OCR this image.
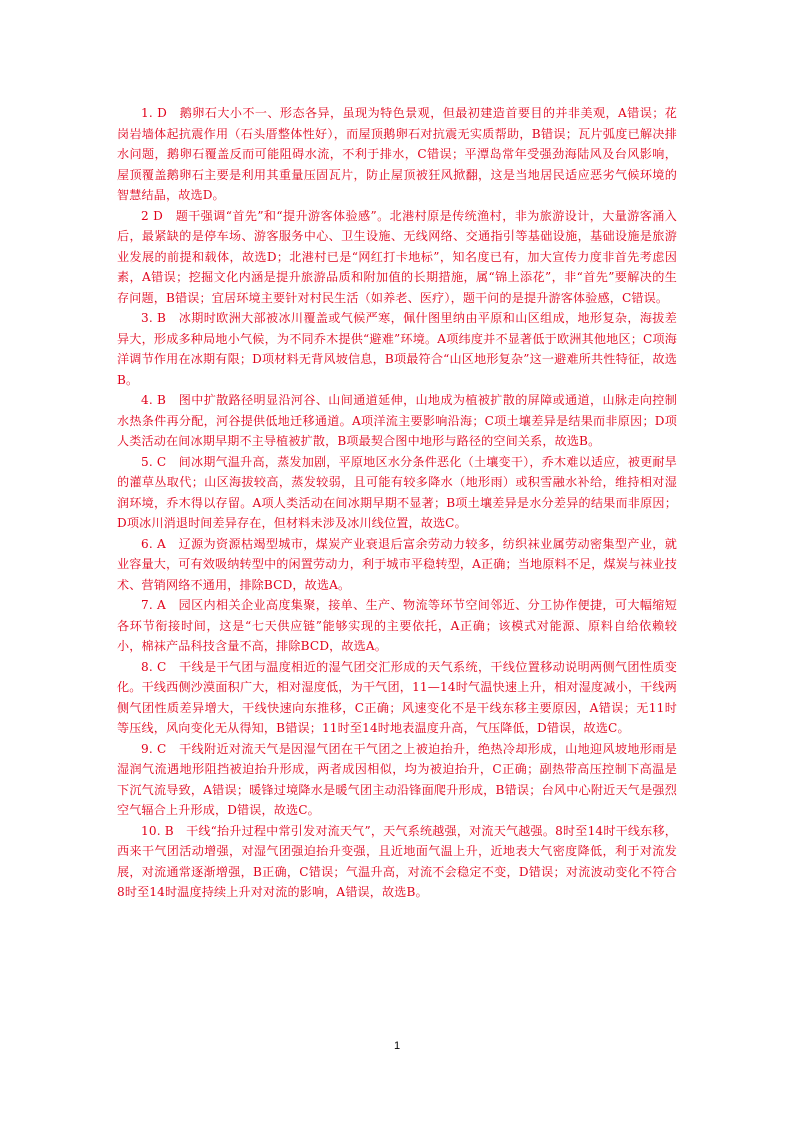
1. D　鹅卵石大小不一、形态各异，虽现为特色景观，但最初建造首要目的并非美观，A错误；花岗岩墙体起抗震作用（石头厝整体性好），而屋顶鹅卵石对抗震无实质帮助，B错误；瓦片弧度已解决排水问题，鹅卵石覆盖反而可能阻碍水流，不利于排水，C错误；平潭岛常年受强劲海陆风及台风影响，屋顶覆盖鹅卵石主要是利用其重量压固瓦片，防止屋顶被狂风掀翻，这是当地居民适应恶劣气候环境的智慧结晶，故选D。

2 D　题干强调“首先”和“提升游客体验感”。北港村原是传统渔村，非为旅游设计，大量游客涌入后，最紧缺的是停车场、游客服务中心、卫生设施、无线网络、交通指引等基础设施，基础设施是旅游业发展的前提和载体，故选D；北港村已是“网红打卡地标”，知名度已有，加大宣传力度非首先考虑因素，A错误；挖掘文化内涵是提升旅游品质和附加值的长期措施，属“锦上添花”，非“首先”要解决的生存问题，B错误；宜居环境主要针对村民生活（如养老、医疗），题干问的是提升游客体验感，C错误。

3. B　冰期时欧洲大部被冰川覆盖或气候严寒，佩什图里纳由平原和山区组成，地形复杂，海拔差异大，形成多种局地小气候，为不同乔木提供“避难”环境。A项纬度并不显著低于欧洲其他地区；C项海洋调节作用在冰期有限；D项材料无背风坡信息，B项最符合“山区地形复杂”这一避难所共性特征，故选B。

4. B　图中扩散路径明显沿河谷、山间通道延伸，山地成为植被扩散的屏障或通道，山脉走向控制水热条件再分配，河谷提供低地迁移通道。A项洋流主要影响沿海；C项土壤差异是结果而非原因；D项人类活动在间冰期早期不主导植被扩散，B项最契合图中地形与路径的空间关系，故选B。

5. C　间冰期气温升高，蒸发加剧，平原地区水分条件恶化（土壤变干），乔木难以适应，被更耐旱的灌草丛取代；山区海拔较高，蒸发较弱，且可能有较多降水（地形雨）或积雪融水补给，维持相对湿润环境，乔木得以存留。A项人类活动在间冰期早期不显著；B项土壤差异是水分差异的结果而非原因；D项冰川消退时间差异存在，但材料未涉及冰川线位置，故选C。

6. A　辽源为资源枯竭型城市，煤炭产业衰退后富余劳动力较多，纺织袜业属劳动密集型产业，就业容量大，可有效吸纳转型中的闲置劳动力，利于城市平稳转型，A正确；当地原料不足，煤炭与袜业技术、营销网络不通用，排除BCD，故选A。

7. A　园区内相关企业高度集聚，接单、生产、物流等环节空间邻近、分工协作便捷，可大幅缩短各环节衔接时间，这是“七天供应链”能够实现的主要依托，A正确；该模式对能源、原料自给依赖较小，棉袜产品科技含量不高，排除BCD，故选A。

8. C　干线是干气团与温度相近的湿气团交汇形成的天气系统，干线位置移动说明两侧气团性质变化。干线西侧沙漠面积广大，相对湿度低，为干气团，11—14时气温快速上升，相对湿度减小，干线两侧气团性质差异增大，干线快速向东推移，C正确；风速变化不是干线东移主要原因，A错误；无11时等压线，风向变化无从得知，B错误；11时至14时地表温度升高，气压降低，D错误，故选C。

9. C　干线附近对流天气是因湿气团在干气团之上被迫抬升，绝热冷却形成，山地迎风坡地形雨是湿润气流遇地形阻挡被迫抬升形成，两者成因相似，均为被迫抬升，C正确；副热带高压控制下高温是下沉气流导致，A错误；暖锋过境降水是暖气团主动沿锋面爬升形成，B错误；台风中心附近天气是强烈空气辐合上升形成，D错误，故选C。

10. B　干线“抬升过程中常引发对流天气”，天气系统越强，对流天气越强。8时至14时干线东移，西来干气团活动增强，对湿气团强迫抬升变强，且近地面气温上升，近地表大气密度降低，利于对流发展，对流通常逐渐增强，B正确，C错误；气温升高，对流不会稳定不变，D错误；对流波动变化不符合8时至14时温度持续上升对对流的影响，A错误，故选B。

1
